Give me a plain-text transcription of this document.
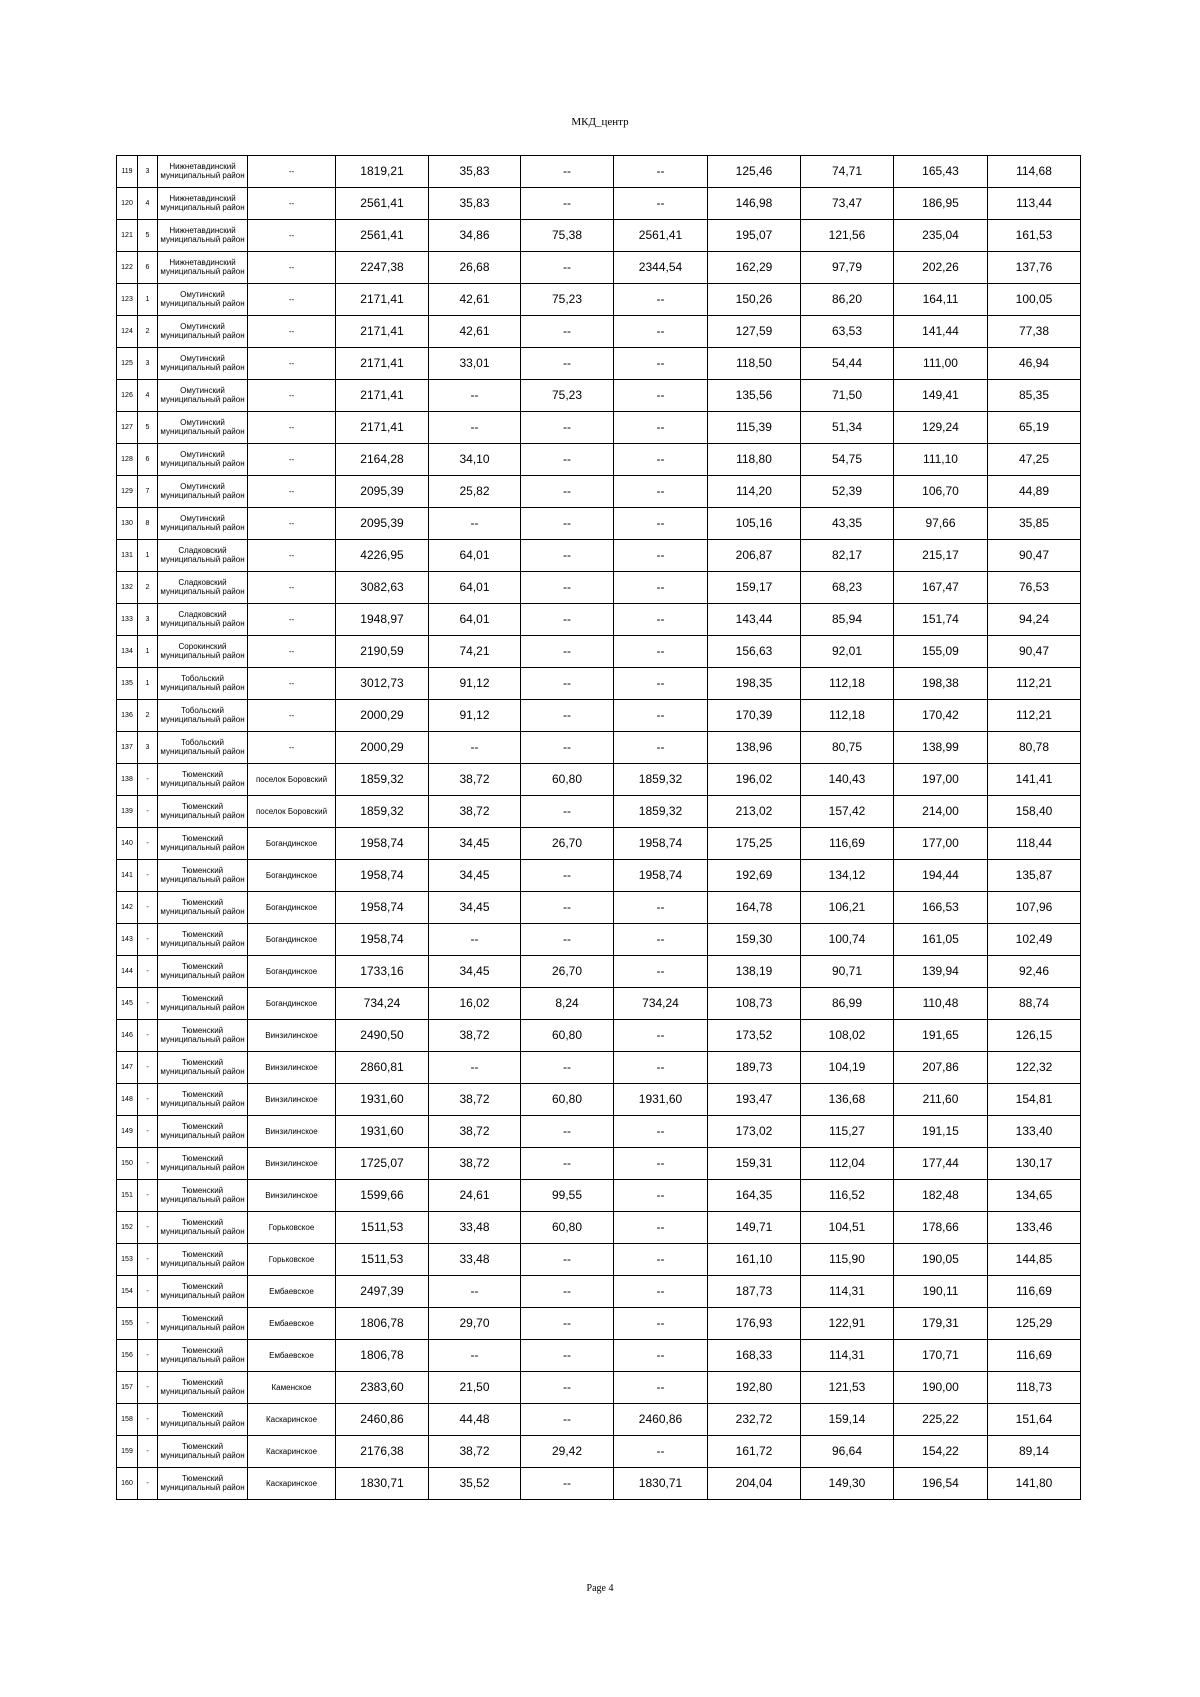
МКД_центр
119	3	Нижнетавдинский муниципальный район	--	1819,21	35,83	--	--	125,46	74,71	165,43	114,68
120	4	Нижнетавдинский муниципальный район	--	2561,41	35,83	--	--	146,98	73,47	186,95	113,44
121	5	Нижнетавдинский муниципальный район	--	2561,41	34,86	75,38	2561,41	195,07	121,56	235,04	161,53
122	6	Нижнетавдинский муниципальный район	--	2247,38	26,68	--	2344,54	162,29	97,79	202,26	137,76
123	1	Омутинский муниципальный район	--	2171,41	42,61	75,23	--	150,26	86,20	164,11	100,05
124	2	Омутинский муниципальный район	--	2171,41	42,61	--	--	127,59	63,53	141,44	77,38
125	3	Омутинский муниципальный район	--	2171,41	33,01	--	--	118,50	54,44	111,00	46,94
126	4	Омутинский муниципальный район	--	2171,41	--	75,23	--	135,56	71,50	149,41	85,35
127	5	Омутинский муниципальный район	--	2171,41	--	--	--	115,39	51,34	129,24	65,19
128	6	Омутинский муниципальный район	--	2164,28	34,10	--	--	118,80	54,75	111,10	47,25
129	7	Омутинский муниципальный район	--	2095,39	25,82	--	--	114,20	52,39	106,70	44,89
130	8	Омутинский муниципальный район	--	2095,39	--	--	--	105,16	43,35	97,66	35,85
131	1	Сладковский муниципальный район	--	4226,95	64,01	--	--	206,87	82,17	215,17	90,47
132	2	Сладковский муниципальный район	--	3082,63	64,01	--	--	159,17	68,23	167,47	76,53
133	3	Сладковский муниципальный район	--	1948,97	64,01	--	--	143,44	85,94	151,74	94,24
134	1	Сорокинский муниципальный район	--	2190,59	74,21	--	--	156,63	92,01	155,09	90,47
135	1	Тобольский муниципальный район	--	3012,73	91,12	--	--	198,35	112,18	198,38	112,21
136	2	Тобольский муниципальный район	--	2000,29	91,12	--	--	170,39	112,18	170,42	112,21
137	3	Тобольский муниципальный район	--	2000,29	--	--	--	138,96	80,75	138,99	80,78
138	-	Тюменский муниципальный район	поселок Боровский	1859,32	38,72	60,80	1859,32	196,02	140,43	197,00	141,41
139	-	Тюменский муниципальный район	поселок Боровский	1859,32	38,72	--	1859,32	213,02	157,42	214,00	158,40
140	-	Тюменский муниципальный район	Богандинское	1958,74	34,45	26,70	1958,74	175,25	116,69	177,00	118,44
141	-	Тюменский муниципальный район	Богандинское	1958,74	34,45	--	1958,74	192,69	134,12	194,44	135,87
142	-	Тюменский муниципальный район	Богандинское	1958,74	34,45	--	--	164,78	106,21	166,53	107,96
143	-	Тюменский муниципальный район	Богандинское	1958,74	--	--	--	159,30	100,74	161,05	102,49
144	-	Тюменский муниципальный район	Богандинское	1733,16	34,45	26,70	--	138,19	90,71	139,94	92,46
145	-	Тюменский муниципальный район	Богандинское	734,24	16,02	8,24	734,24	108,73	86,99	110,48	88,74
146	-	Тюменский муниципальный район	Винзилинское	2490,50	38,72	60,80	--	173,52	108,02	191,65	126,15
147	-	Тюменский муниципальный район	Винзилинское	2860,81	--	--	--	189,73	104,19	207,86	122,32
148	-	Тюменский муниципальный район	Винзилинское	1931,60	38,72	60,80	1931,60	193,47	136,68	211,60	154,81
149	-	Тюменский муниципальный район	Винзилинское	1931,60	38,72	--	--	173,02	115,27	191,15	133,40
150	-	Тюменский муниципальный район	Винзилинское	1725,07	38,72	--	--	159,31	112,04	177,44	130,17
151	-	Тюменский муниципальный район	Винзилинское	1599,66	24,61	99,55	--	164,35	116,52	182,48	134,65
152	-	Тюменский муниципальный район	Горьковское	1511,53	33,48	60,80	--	149,71	104,51	178,66	133,46
153	-	Тюменский муниципальный район	Горьковское	1511,53	33,48	--	--	161,10	115,90	190,05	144,85
154	-	Тюменский муниципальный район	Ембаевское	2497,39	--	--	--	187,73	114,31	190,11	116,69
155	-	Тюменский муниципальный район	Ембаевское	1806,78	29,70	--	--	176,93	122,91	179,31	125,29
156	-	Тюменский муниципальный район	Ембаевское	1806,78	--	--	--	168,33	114,31	170,71	116,69
157	-	Тюменский муниципальный район	Каменское	2383,60	21,50	--	--	192,80	121,53	190,00	118,73
158	-	Тюменский муниципальный район	Каскаринское	2460,86	44,48	--	2460,86	232,72	159,14	225,22	151,64
159	-	Тюменский муниципальный район	Каскаринское	2176,38	38,72	29,42	--	161,72	96,64	154,22	89,14
160	-	Тюменский муниципальный район	Каскаринское	1830,71	35,52	--	1830,71	204,04	149,30	196,54	141,80
Page 4
